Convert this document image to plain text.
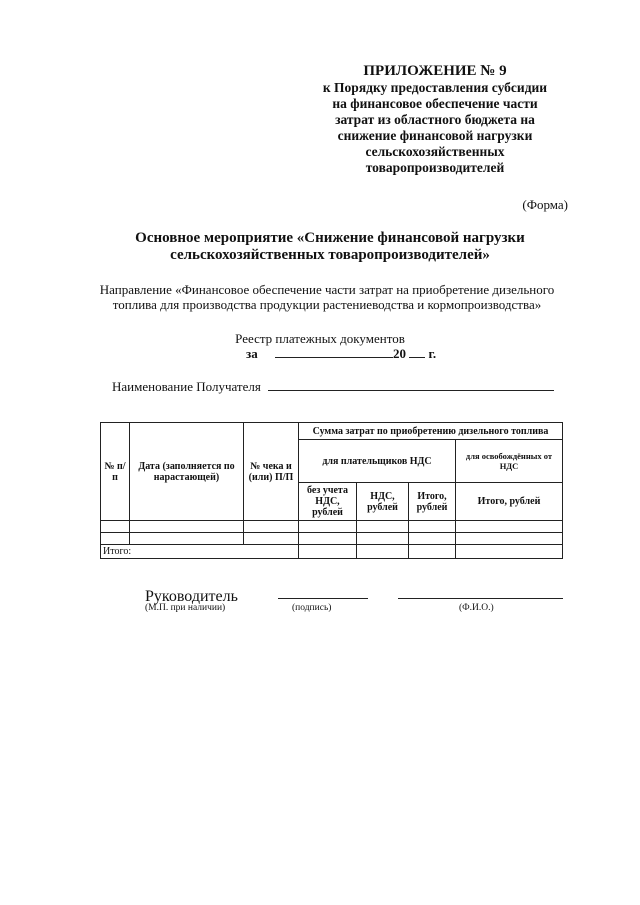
ПРИЛОЖЕНИЕ № 9
к Порядку предоставления субсидии
на финансовое обеспечение части
затрат из областного бюджета на
снижение финансовой нагрузки
сельскохозяйственных
товаропроизводителей
(Форма)
Основное мероприятие «Снижение финансовой нагрузки
сельскохозяйственных товаропроизводителей»
Направление «Финансовое обеспечение части затрат на приобретение дизельного
топлива для производства продукции растениеводства и кормопроизводства»
Реестр платежных документов
за	20 г.
Наименование Получателя
№ п/п	Дата (заполняется по нарастающей)	№ чека и (или) П/П	Сумма затрат по приобретению дизельного топлива			
			для плательщиков НДС			для освобождённых от НДС
			без учета НДС, рублей	НДС, рублей	Итого, рублей	Итого, рублей

Итого:						
Руководитель
(М.П. при наличии)	(подпись)	(Ф.И.О.)
